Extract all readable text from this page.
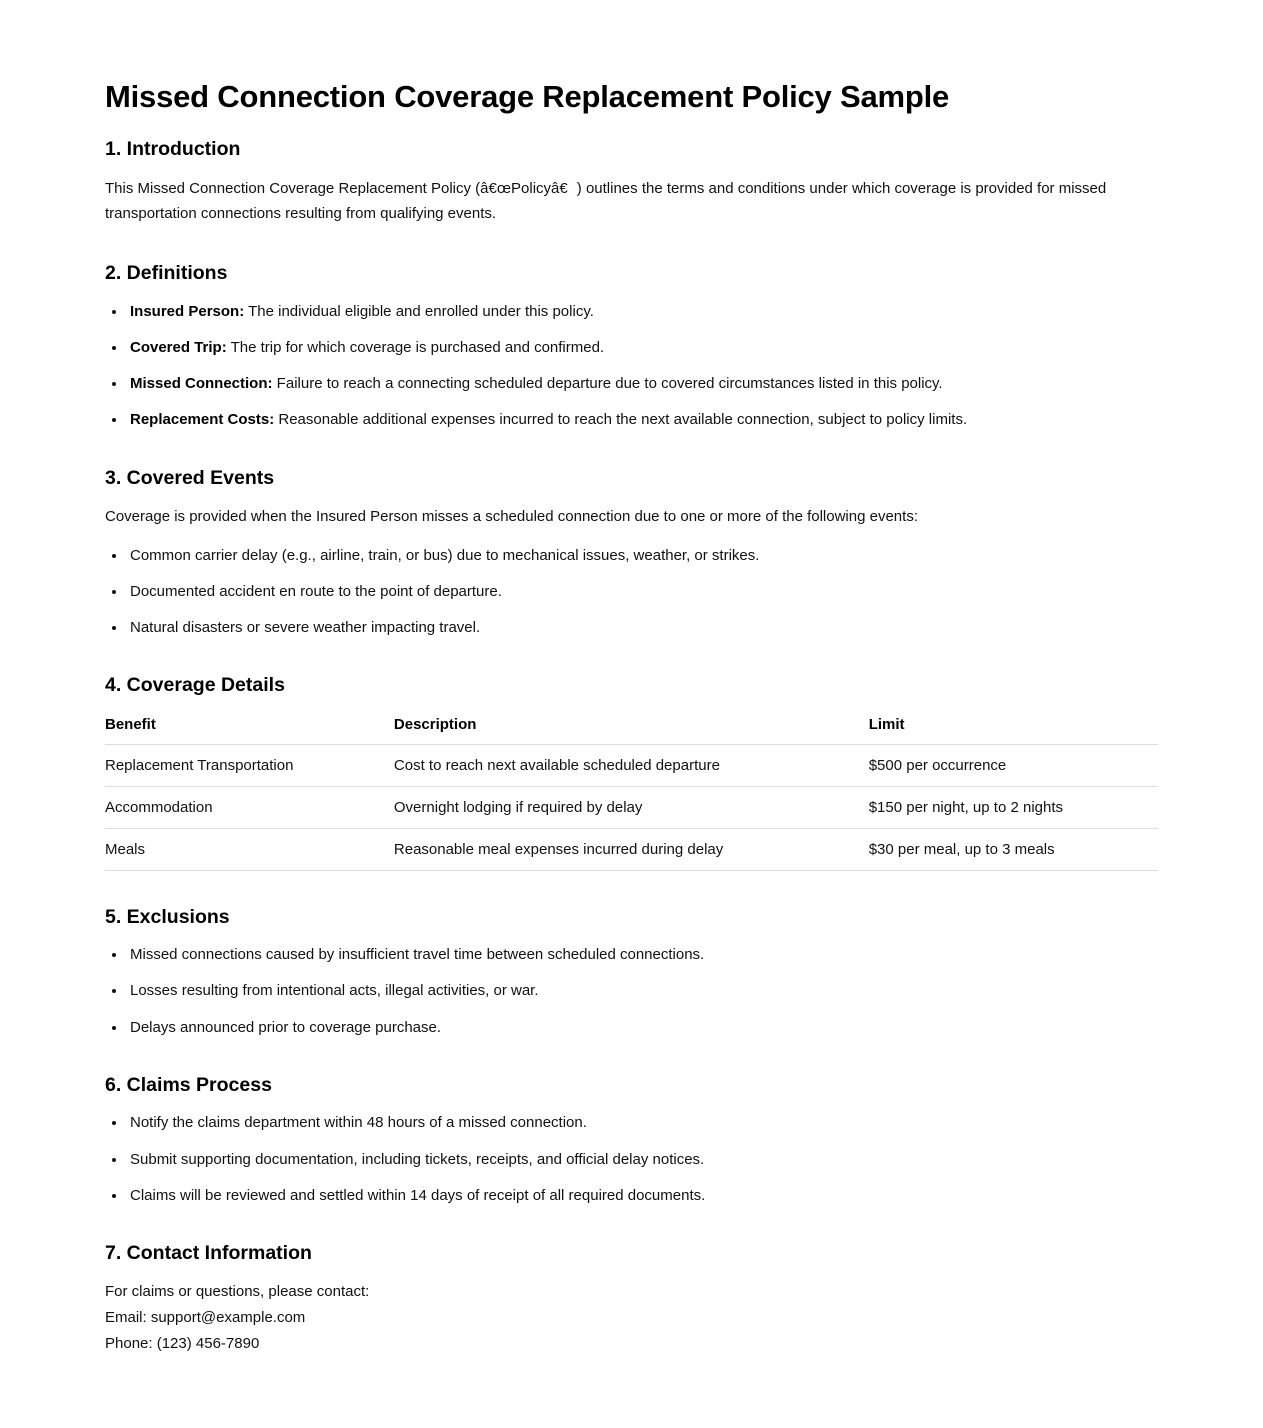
Missed Connection Coverage Replacement Policy Sample
1. Introduction

This Missed Connection Coverage Replacement Policy (â€œPolicyâ€) outlines the terms and conditions under which coverage is provided for missed transportation connections resulting from qualifying events.

2. Definitions
• Insured Person: The individual eligible and enrolled under this policy.
• Covered Trip: The trip for which coverage is purchased and confirmed.
• Missed Connection: Failure to reach a connecting scheduled departure due to covered circumstances listed in this policy.
• Replacement Costs: Reasonable additional expenses incurred to reach the next available connection, subject to policy limits.
3. Covered Events

Coverage is provided when the Insured Person misses a scheduled connection due to one or more of the following events:

• Common carrier delay (e.g., airline, train, or bus) due to mechanical issues, weather, or strikes.
• Documented accident en route to the point of departure.
• Natural disasters or severe weather impacting travel.
4. Coverage Details
Benefit	Description	Limit
Replacement Transportation	Cost to reach next available scheduled departure	$500 per occurrence
Accommodation	Overnight lodging if required by delay	$150 per night, up to 2 nights
Meals	Reasonable meal expenses incurred during delay	$30 per meal, up to 3 meals
5. Exclusions
• Missed connections caused by insufficient travel time between scheduled connections.
• Losses resulting from intentional acts, illegal activities, or war.
• Delays announced prior to coverage purchase.
6. Claims Process
• Notify the claims department within 48 hours of a missed connection.
• Submit supporting documentation, including tickets, receipts, and official delay notices.
• Claims will be reviewed and settled within 14 days of receipt of all required documents.
7. Contact Information

For claims or questions, please contact:
Email: support@example.com
Phone: (123) 456-7890
